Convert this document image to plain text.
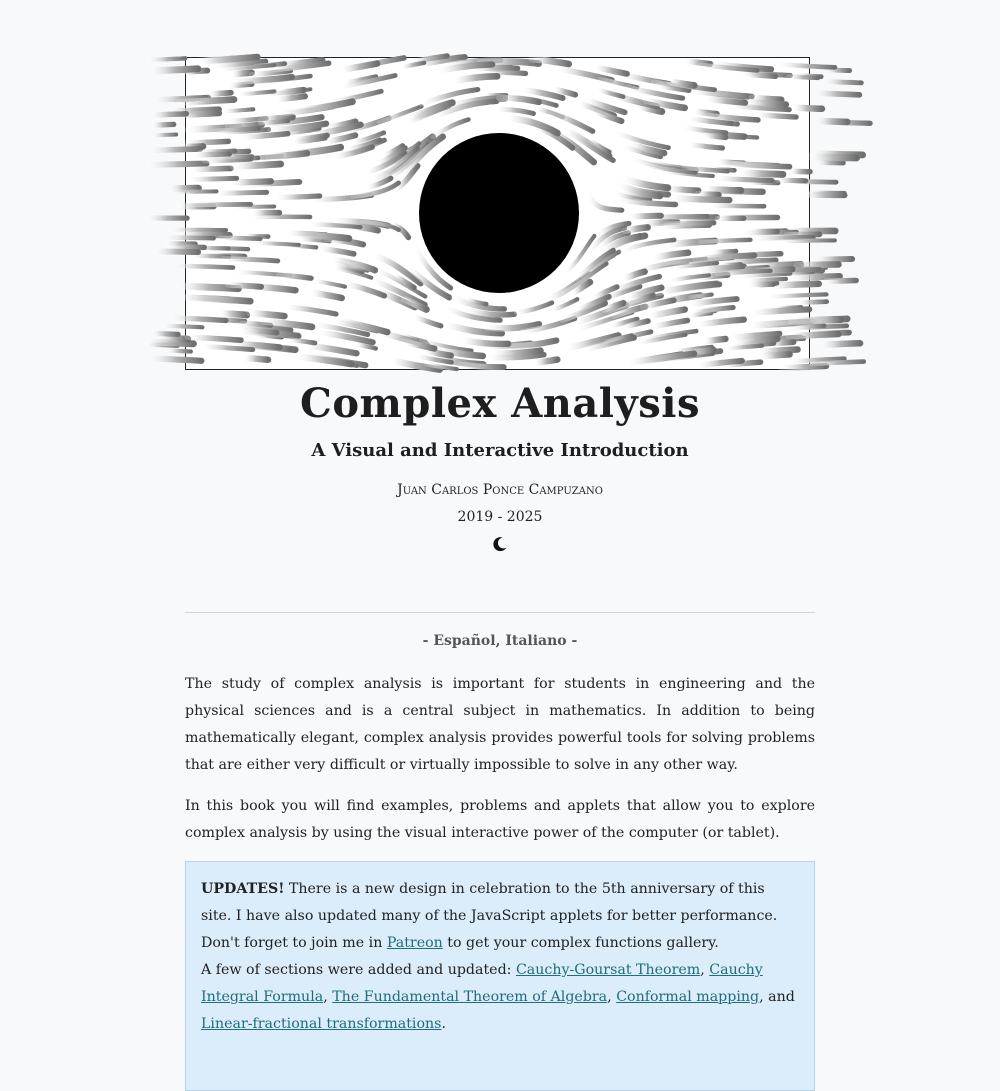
Complex Analysis
A Visual and Interactive Introduction
Juan Carlos Ponce Campuzano
2019 - 2025
- Español, Italiano -

The study of complex analysis is important for students in engineering and the physical sciences and is a central subject in mathematics. In addition to being mathematically elegant, complex analysis provides powerful tools for solving problems that are either very difficult or virtually impossible to solve in any other way.

In this book you will find examples, problems and applets that allow you to explore complex analysis by using the visual interactive power of the computer (or tablet).

UPDATES! There is a new design in celebration to the 5th anniversary of this site. I have also updated many of the JavaScript applets for better performance. Don't forget to join me in Patreon to get your complex functions gallery.

A few of sections were added and updated: Cauchy-Goursat Theorem, Cauchy Integral Formula, The Fundamental Theorem of Algebra, Conformal mapping, and Linear-fractional transformations.
